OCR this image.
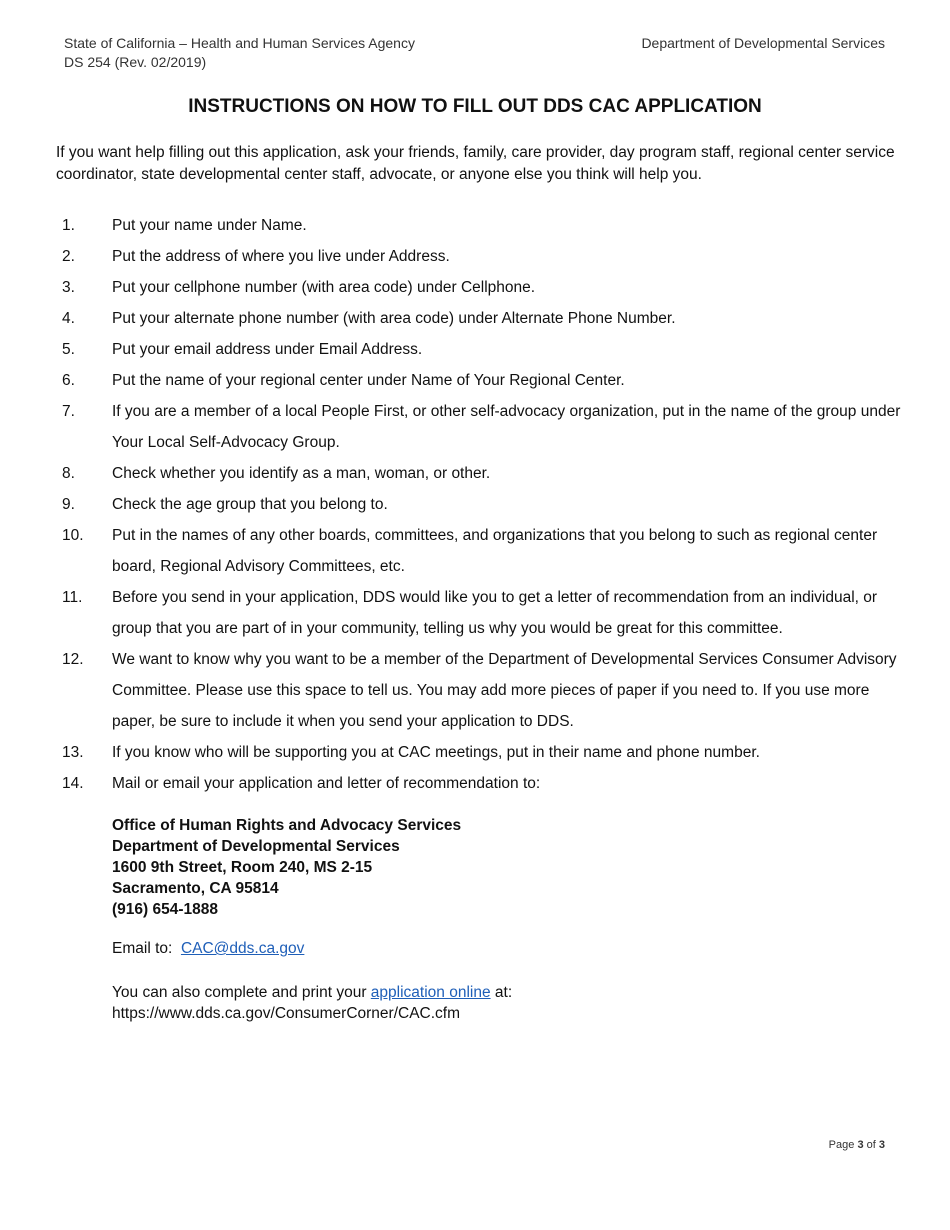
State of California – Health and Human Services Agency
DS 254 (Rev. 02/2019)
Department of Developmental Services
INSTRUCTIONS ON HOW TO FILL OUT DDS CAC APPLICATION
If you want help filling out this application, ask your friends, family, care provider, day program staff, regional center service coordinator, state developmental center staff, advocate, or anyone else you think will help you.
1.	Put your name under Name.
2.	Put the address of where you live under Address.
3.	Put your cellphone number (with area code) under Cellphone.
4.	Put your alternate phone number (with area code) under Alternate Phone Number.
5.	Put your email address under Email Address.
6.	Put the name of your regional center under Name of Your Regional Center.
7.	If you are a member of a local People First, or other self-advocacy organization, put in the name of the group under Your Local Self-Advocacy Group.
8.	Check whether you identify as a man, woman, or other.
9.	Check the age group that you belong to.
10.	Put in the names of any other boards, committees, and organizations that you belong to such as regional center board, Regional Advisory Committees, etc.
11.	Before you send in your application, DDS would like you to get a letter of recommendation from an individual, or group that you are part of in your community, telling us why you would be great for this committee.
12.	We want to know why you want to be a member of the Department of Developmental Services Consumer Advisory Committee. Please use this space to tell us. You may add more pieces of paper if you need to. If you use more paper, be sure to include it when you send your application to DDS.
13.	If you know who will be supporting you at CAC meetings, put in their name and phone number.
14.	Mail or email your application and letter of recommendation to:
Office of Human Rights and Advocacy Services
Department of Developmental Services
1600 9th Street, Room 240, MS 2-15
Sacramento, CA 95814
(916) 654-1888
Email to: CAC@dds.ca.gov
You can also complete and print your application online at:
https://www.dds.ca.gov/ConsumerCorner/CAC.cfm
Page 3 of 3
